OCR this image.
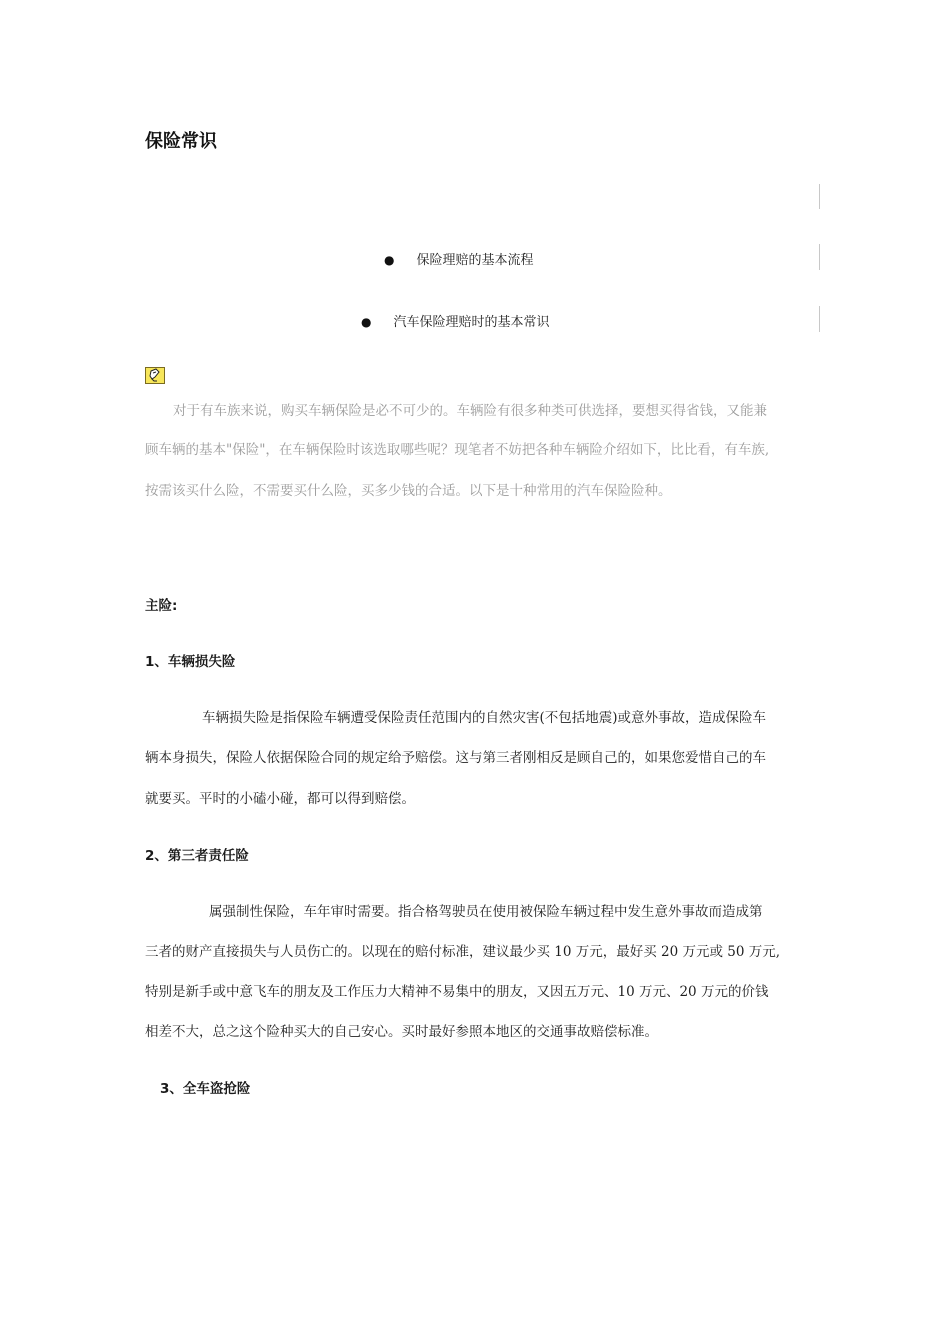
保险常识
● 保险理赔的基本流程
● 汽车保险理赔时的基本常识
对于有车族来说，购买车辆保险是必不可少的。车辆险有很多种类可供选择，要想买得省钱，又能兼
顾车辆的基本"保险"，在车辆保险时该选取哪些呢？现笔者不妨把各种车辆险介绍如下，比比看，有车族,
按需该买什么险，不需要买什么险，买多少钱的合适。以下是十种常用的汽车保险险种。
主险:
1、车辆损失险
车辆损失险是指保险车辆遭受保险责任范围内的自然灾害(不包括地震)或意外事故，造成保险车
辆本身损失，保险人依据保险合同的规定给予赔偿。这与第三者刚相反是顾自己的，如果您爱惜自己的车
就要买。平时的小磕小碰，都可以得到赔偿。
2、第三者责任险
属强制性保险，车年审时需要。指合格驾驶员在使用被保险车辆过程中发生意外事故而造成第
三者的财产直接损失与人员伤亡的。以现在的赔付标准，建议最少买 10 万元，最好买 20 万元或 50 万元,
特别是新手或中意飞车的朋友及工作压力大精神不易集中的朋友，又因五万元、10 万元、20 万元的价钱
相差不大，总之这个险种买大的自己安心。买时最好参照本地区的交通事故赔偿标准。
3、全车盗抢险
